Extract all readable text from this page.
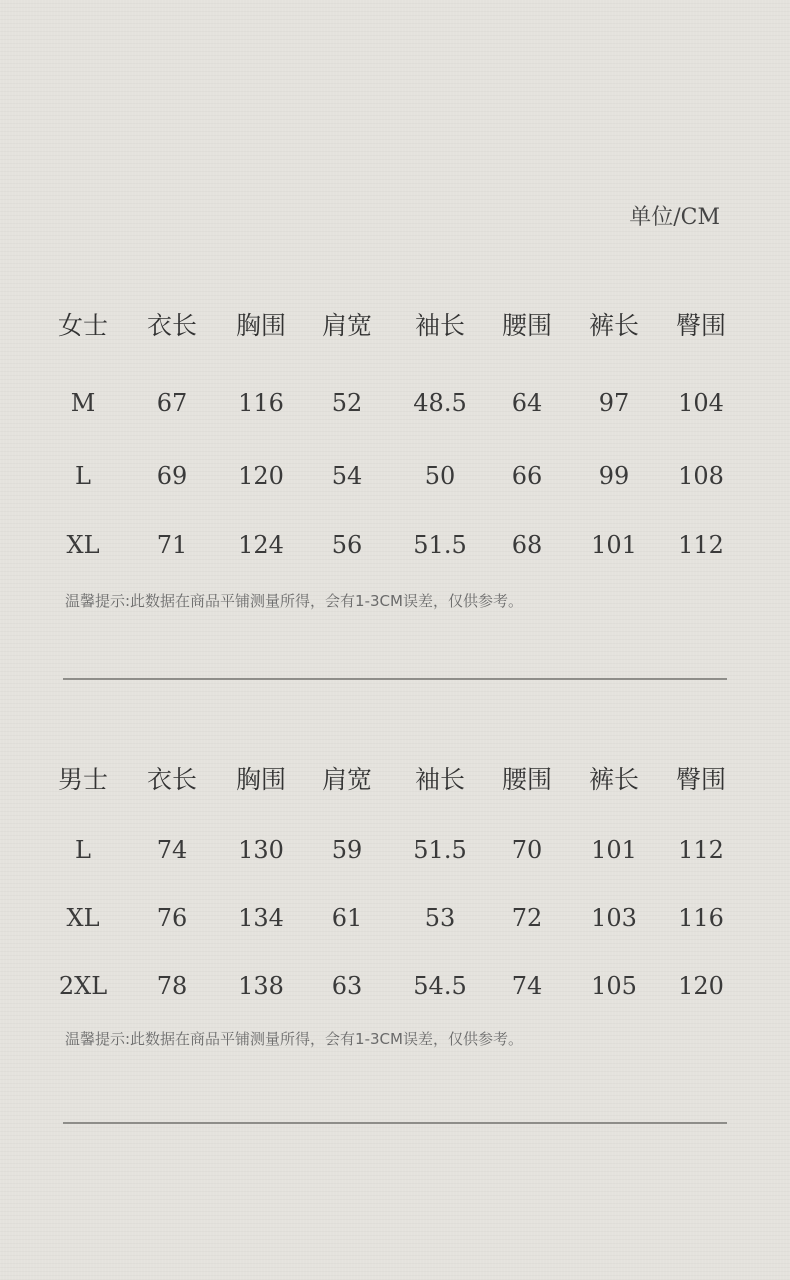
单位/CM
女士	衣长	胸围	肩宽	袖长	腰围	裤长	臀围
M	67	116	52	48.5	64	97	104
L	69	120	54	50	66	99	108
XL	71	124	56	51.5	68	101	112
温馨提示:此数据在商品平铺测量所得，会有1-3CM误差，仅供参考。
男士	衣长	胸围	肩宽	袖长	腰围	裤长	臀围
L	74	130	59	51.5	70	101	112
XL	76	134	61	53	72	103	116
2XL	78	138	63	54.5	74	105	120
温馨提示:此数据在商品平铺测量所得，会有1-3CM误差，仅供参考。
